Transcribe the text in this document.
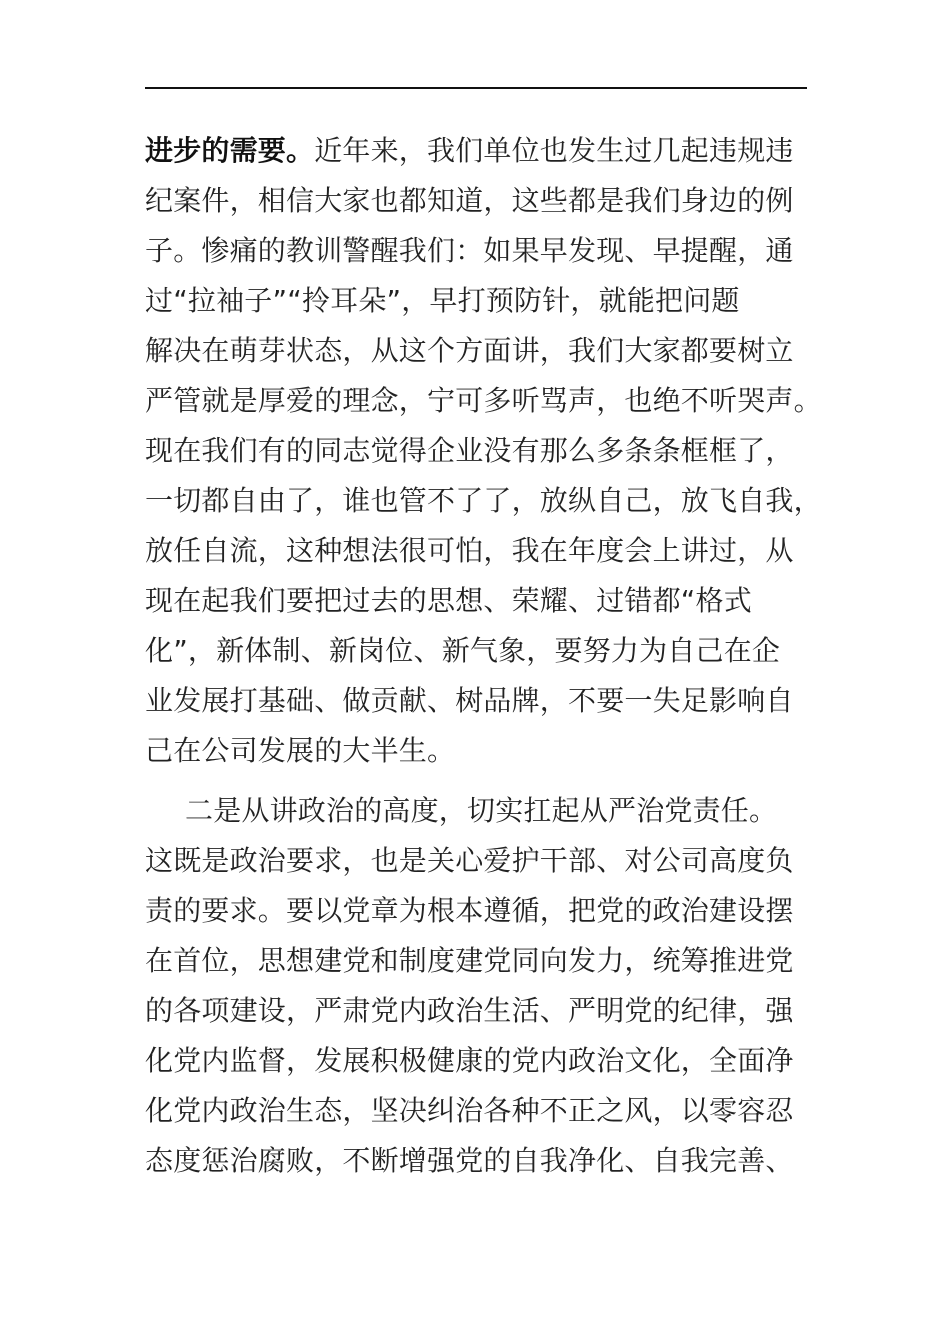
进步的需要。近年来，我们单位也发生过几起违规违
纪案件，相信大家也都知道，这些都是我们身边的例
子。惨痛的教训警醒我们：如果早发现、早提醒，通
过“拉袖子”“拎耳朵”，早打预防针，就能把问题
解决在萌芽状态，从这个方面讲，我们大家都要树立
严管就是厚爱的理念，宁可多听骂声，也绝不听哭声。
现在我们有的同志觉得企业没有那么多条条框框了，
一切都自由了，谁也管不了了，放纵自己，放飞自我，
放任自流，这种想法很可怕，我在年度会上讲过，从
现在起我们要把过去的思想、荣耀、过错都“格式
化”，新体制、新岗位、新气象，要努力为自己在企
业发展打基础、做贡献、树品牌，不要一失足影响自
己在公司发展的大半生。
二是从讲政治的高度，切实扛起从严治党责任。
这既是政治要求，也是关心爱护干部、对公司高度负
责的要求。要以党章为根本遵循，把党的政治建设摆
在首位，思想建党和制度建党同向发力，统筹推进党
的各项建设，严肃党内政治生活、严明党的纪律，强
化党内监督，发展积极健康的党内政治文化，全面净
化党内政治生态，坚决纠治各种不正之风，以零容忍
态度惩治腐败，不断增强党的自我净化、自我完善、
